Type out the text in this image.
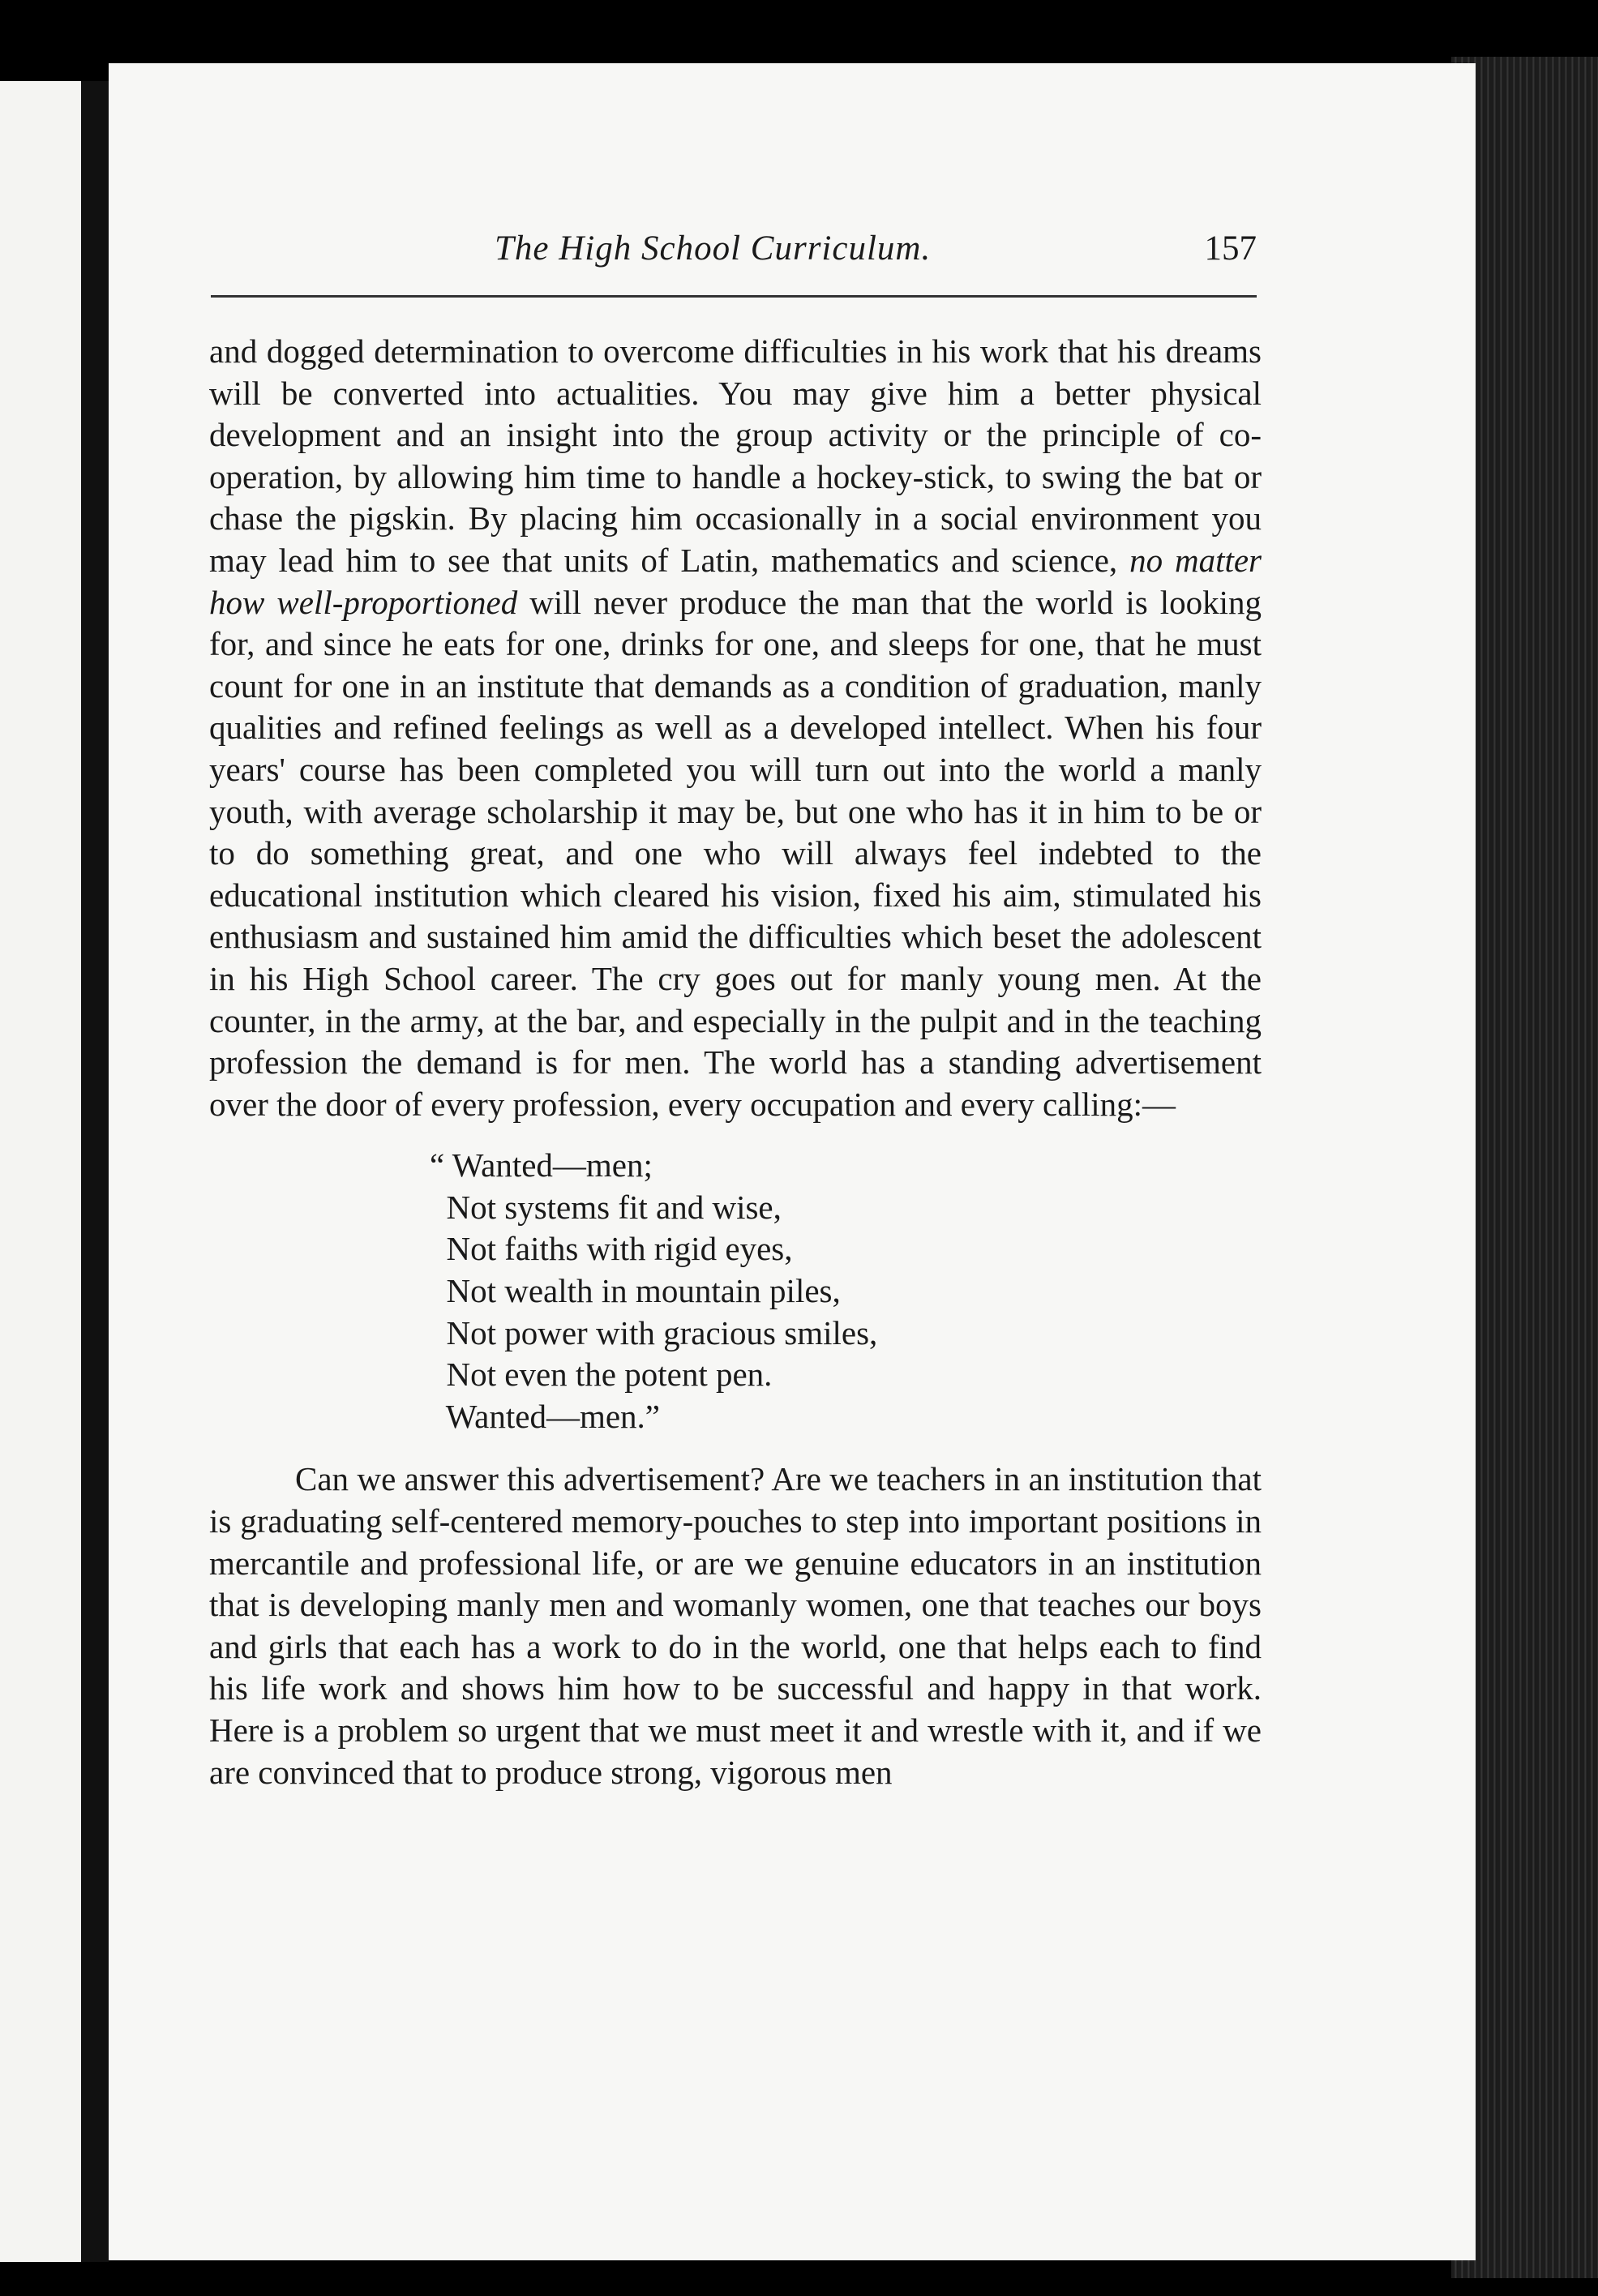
The High School Curriculum.	157

and dogged determination to overcome difficulties in his work that his dreams will be converted into actualities. You may give him a better physical development and an insight into the group activity or the principle of co-operation, by allowing him time to handle a hockey-stick, to swing the bat or chase the pigskin. By placing him occasionally in a social environment you may lead him to see that units of Latin, mathematics and science, no matter how well-proportioned will never produce the man that the world is looking for, and since he eats for one, drinks for one, and sleeps for one, that he must count for one in an institute that demands as a condition of graduation, manly qualities and refined feelings as well as a developed intellect. When his four years' course has been completed you will turn out into the world a manly youth, with average scholarship it may be, but one who has it in him to be or to do something great, and one who will always feel indebted to the educational institution which cleared his vision, fixed his aim, stimulated his enthusiasm and sustained him amid the difficulties which beset the adolescent in his High School career. The cry goes out for manly young men. At the counter, in the army, at the bar, and especially in the pulpit and in the teaching profession the demand is for men. The world has a standing advertisement over the door of every profession, every occupation and every calling:—

“ Wanted—men;
Not systems fit and wise,
Not faiths with rigid eyes,
Not wealth in mountain piles,
Not power with gracious smiles,
Not even the potent pen.
Wanted—men.”

Can we answer this advertisement? Are we teachers in an institution that is graduating self-centered memory-pouches to step into important positions in mercantile and professional life, or are we genuine educators in an institution that is developing manly men and womanly women, one that teaches our boys and girls that each has a work to do in the world, one that helps each to find his life work and shows him how to be successful and happy in that work. Here is a problem so urgent that we must meet it and wrestle with it, and if we are convinced that to produce strong, vigorous men
